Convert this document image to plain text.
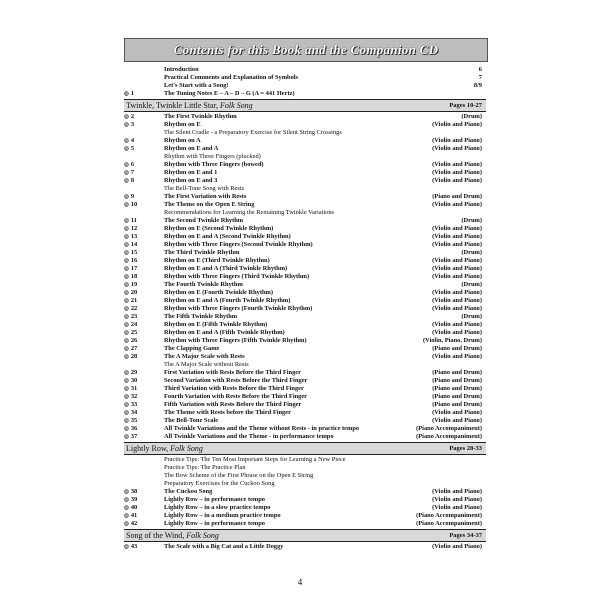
Contents for this Book and the Companion CD
Introduction	6
Practical Comments and Explanation of Symbols	7
Let's Start with a Song!	8/9
◎ 1	The Tuning Notes E – A – D – G (A = 441 Hertz)
Twinkle, Twinkle Little Star, Folk Song	Pages 10-27
◎ 2	The First Twinkle Rhythm	(Drum)
◎ 3	Rhythm on E	(Violin and Piano)
The Silent Cradle - a Preparatory Exercise for Silent String Crossings
◎ 4	Rhythm on A	(Violin and Piano)
◎ 5	Rhythm on E and A	(Violin and Piano)
Rhythm with Three Fingers (plucked)
◎ 6	Rhythm with Three Fingers (bowed)	(Violin and Piano)
◎ 7	Rhythm on E and 1	(Violin and Piano)
◎ 8	Rhythm on E and 3	(Violin and Piano)
The Bell-Tone Song with Rests
◎ 9	The First Variation with Rests	(Piano and Drum)
◎ 10	The Theme on the Open E String	(Violin and Piano)
Recommendations for Learning the Remaining Twinkle Variations
◎ 11	The Second Twinkle Rhythm	(Drum)
◎ 12	Rhythm on E (Second Twinkle Rhythm)	(Violin and Piano)
◎ 13	Rhythm on E and A (Second Twinkle Rhythm)	(Violin and Piano)
◎ 14	Rhythm with Three Fingers (Second Twinkle Rhythm)	(Violin and Piano)
◎ 15	The Third Twinkle Rhythm	(Drum)
◎ 16	Rhythm on E (Third Twinkle Rhythm)	(Violin and Piano)
◎ 17	Rhythm on E and A (Third Twinkle Rhythm)	(Violin and Piano)
◎ 18	Rhythm with Three Fingers (Third Twinkle Rhythm)	(Violin and Piano)
◎ 19	The Fourth Twinkle Rhythm	(Drum)
◎ 20	Rhythm on E (Fourth Twinkle Rhythm)	(Violin and Piano)
◎ 21	Rhythm on E and A (Fourth Twinkle Rhythm)	(Violin and Piano)
◎ 22	Rhythm with Three Fingers (Fourth Twinkle Rhythm)	(Violin and Piano)
◎ 23	The Fifth Twinkle Rhythm	(Drum)
◎ 24	Rhythm on E (Fifth Twinkle Rhythm)	(Violin and Piano)
◎ 25	Rhythm on E and A (Fifth Twinkle Rhythm)	(Violin and Piano)
◎ 26	Rhythm with Three Fingers (Fifth Twinkle Rhythm)	(Violin, Piano, Drum)
◎ 27	The Clapping Game	(Piano and Drum)
◎ 28	The A Major Scale with Rests	(Violin and Piano)
The A Major Scale without Rests
◎ 29	First Variation with Rests Before the Third Finger	(Piano and Drum)
◎ 30	Second Variation with Rests Before the Third Finger	(Piano and Drum)
◎ 31	Third Variation with Rests Before the Third Finger	(Piano and Drum)
◎ 32	Fourth Variation with Rests Before the Third Finger	(Piano and Drum)
◎ 33	Fifth Variation with Rests Before the Third Finger	(Piano and Drum)
◎ 34	The Theme with Rests before the Third Finger	(Violin and Piano)
◎ 35	The Bell-Tone Scale	(Violin and Piano)
◎ 36	All Twinkle Variations and the Theme without Rests - in practice tempo	(Piano Accompaniment)
◎ 37	All Twinkle Variations and the Theme - in performance tempo	(Piano Accompaniment)
Lightly Row, Folk Song	Pages 28-33
Practice Tips: The Ten Most Important Steps for Learning a New Piece
Practice Tips: The Practice Plan
The Bow Scheme of the First Phrase on the Open E String
Preparatory Exercises for the Cuckoo Song
◎ 38	The Cuckoo Song	(Violin and Piano)
◎ 39	Lightly Row – in performance tempo	(Violin and Piano)
◎ 40	Lightly Row – in a slow practice tempo	(Violin and Piano)
◎ 41	Lightly Row – in a medium practice tempo	(Piano Accompaniment)
◎ 42	Lightly Row – in performance tempo	(Piano Accompaniment)
Song of the Wind, Folk Song	Pages 34-37
◎ 43	The Scale with a Big Cat and a Little Doggy	(Violin and Piano)
4
